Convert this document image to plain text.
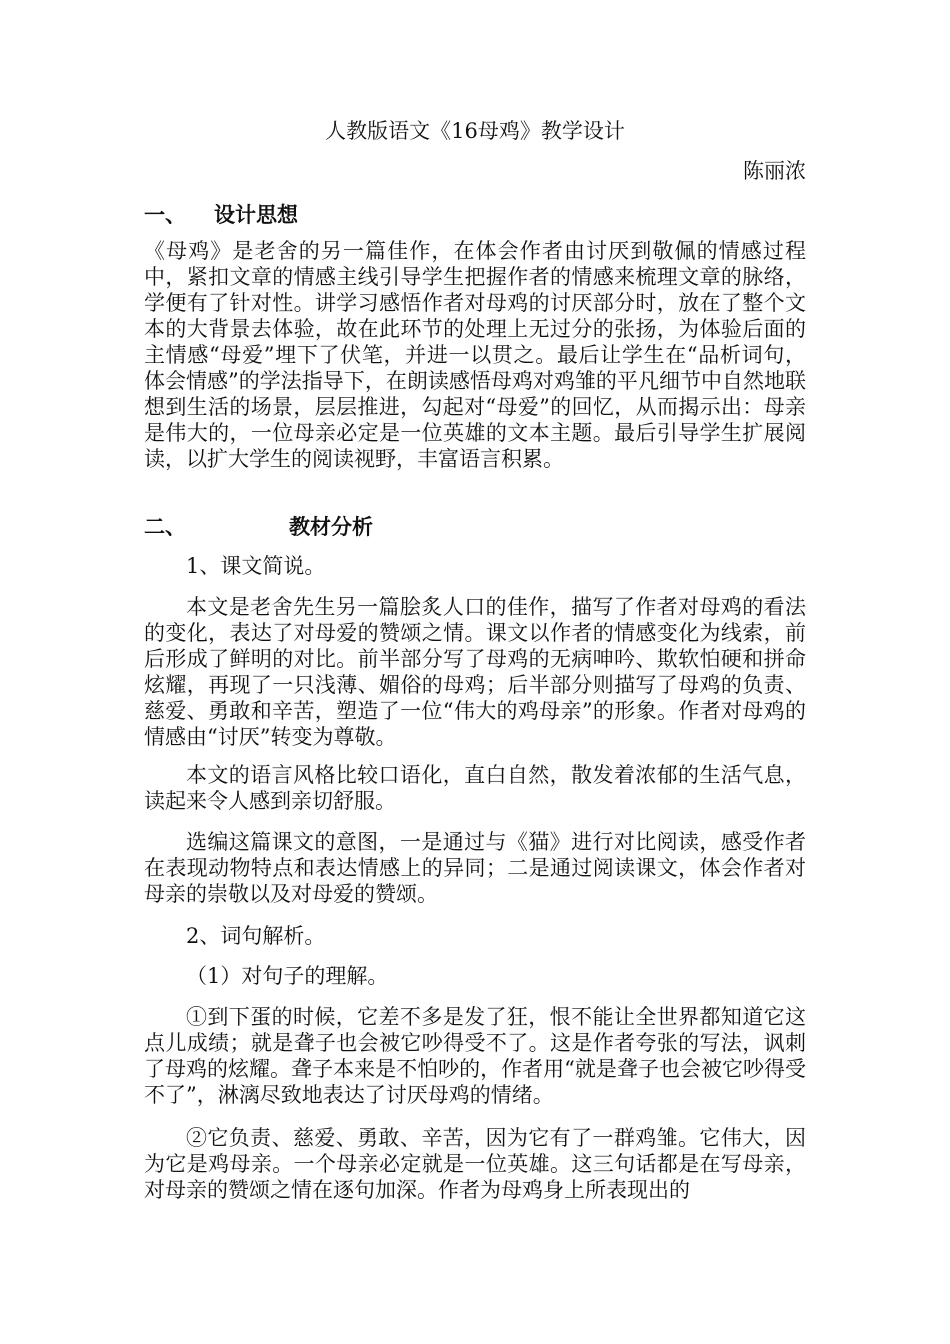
人教版语文《16母鸡》教学设计
陈丽浓
一、 设计思想
《母鸡》是老舍的另一篇佳作，在体会作者由讨厌到敬佩的情感过程中，紧扣文章的情感主线引导学生把握作者的情感来梳理文章的脉络，学便有了针对性。讲学习感悟作者对母鸡的讨厌部分时，放在了整个文本的大背景去体验，故在此环节的处理上无过分的张扬，为体验后面的主情感“母爱”埋下了伏笔，并进一以贯之。最后让学生在“品析词句，体会情感”的学法指导下，在朗读感悟母鸡对鸡雏的平凡细节中自然地联想到生活的场景，层层推进，勾起对“母爱”的回忆，从而揭示出：母亲是伟大的，一位母亲必定是一位英雄的文本主题。最后引导学生扩展阅读，以扩大学生的阅读视野，丰富语言积累。
二、	教材分析
1、课文简说。
本文是老舍先生另一篇脍炙人口的佳作，描写了作者对母鸡的看法的变化，表达了对母爱的赞颂之情。课文以作者的情感变化为线索，前后形成了鲜明的对比。前半部分写了母鸡的无病呻吟、欺软怕硬和拼命炫耀，再现了一只浅薄、媚俗的母鸡；后半部分则描写了母鸡的负责、慈爱、勇敢和辛苦，塑造了一位“伟大的鸡母亲”的形象。作者对母鸡的情感由“讨厌”转变为尊敬。
本文的语言风格比较口语化，直白自然，散发着浓郁的生活气息，读起来令人感到亲切舒服。
选编这篇课文的意图，一是通过与《猫》进行对比阅读，感受作者在表现动物特点和表达情感上的异同；二是通过阅读课文，体会作者对母亲的崇敬以及对母爱的赞颂。
2、词句解析。
（1）对句子的理解。
①到下蛋的时候，它差不多是发了狂，恨不能让全世界都知道它这点儿成绩；就是聋子也会被它吵得受不了。这是作者夸张的写法，讽刺了母鸡的炫耀。聋子本来是不怕吵的，作者用“就是聋子也会被它吵得受不了”，淋漓尽致地表达了讨厌母鸡的情绪。
②它负责、慈爱、勇敢、辛苦，因为它有了一群鸡雏。它伟大，因为它是鸡母亲。一个母亲必定就是一位英雄。这三句话都是在写母亲，对母亲的赞颂之情在逐句加深。作者为母鸡身上所表现出的
